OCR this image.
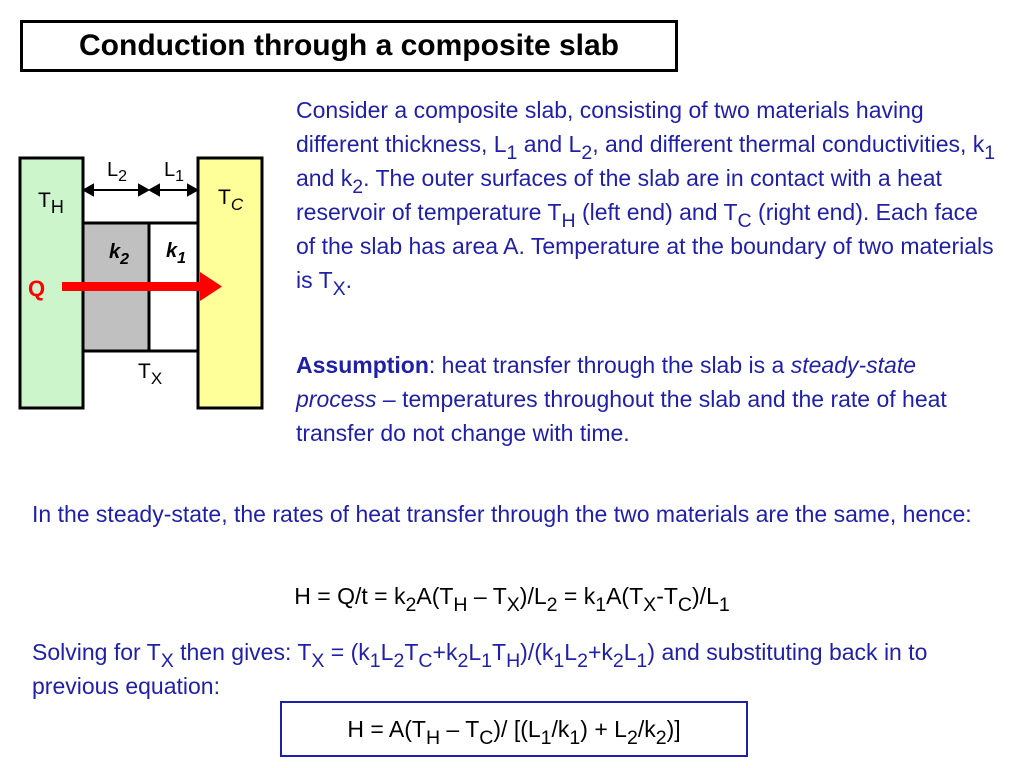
Conduction through a composite slab
TH	$T_C$
$L_2$ $L_1$
$k_2$ $k_1$
Q
$T_X$
Consider a composite slab, consisting of two materials having different thickness, $L_1$ and $L_2$, and different thermal conductivities, $k_1$ and $k_2$. The outer surfaces of the slab are in contact with a heat reservoir of temperature $T_H$ (left end) and $T_C$ (right end). Each face of the slab has area A. Temperature at the boundary of two materials is $T_X$.
Assumption: heat transfer through the slab is a steady-state process – temperatures throughout the slab and the rate of heat transfer do not change with time.
In the steady-state, the rates of heat transfer through the two materials are the same, hence:
$H = Q/t = k_2A(T_H - T_X)/L_2 = k_1A(T_X-T_C)/L_1$
Solving for $T_X$ then gives: $T_X = (k_1L_2T_C+k_2L_1T_H)/(k_1L_2+k_2L_1)$ and substituting back in to previous equation:
$H = A(T_H - T_C)/$ $[(L_1/k_1) + L_2/k_2)$]
